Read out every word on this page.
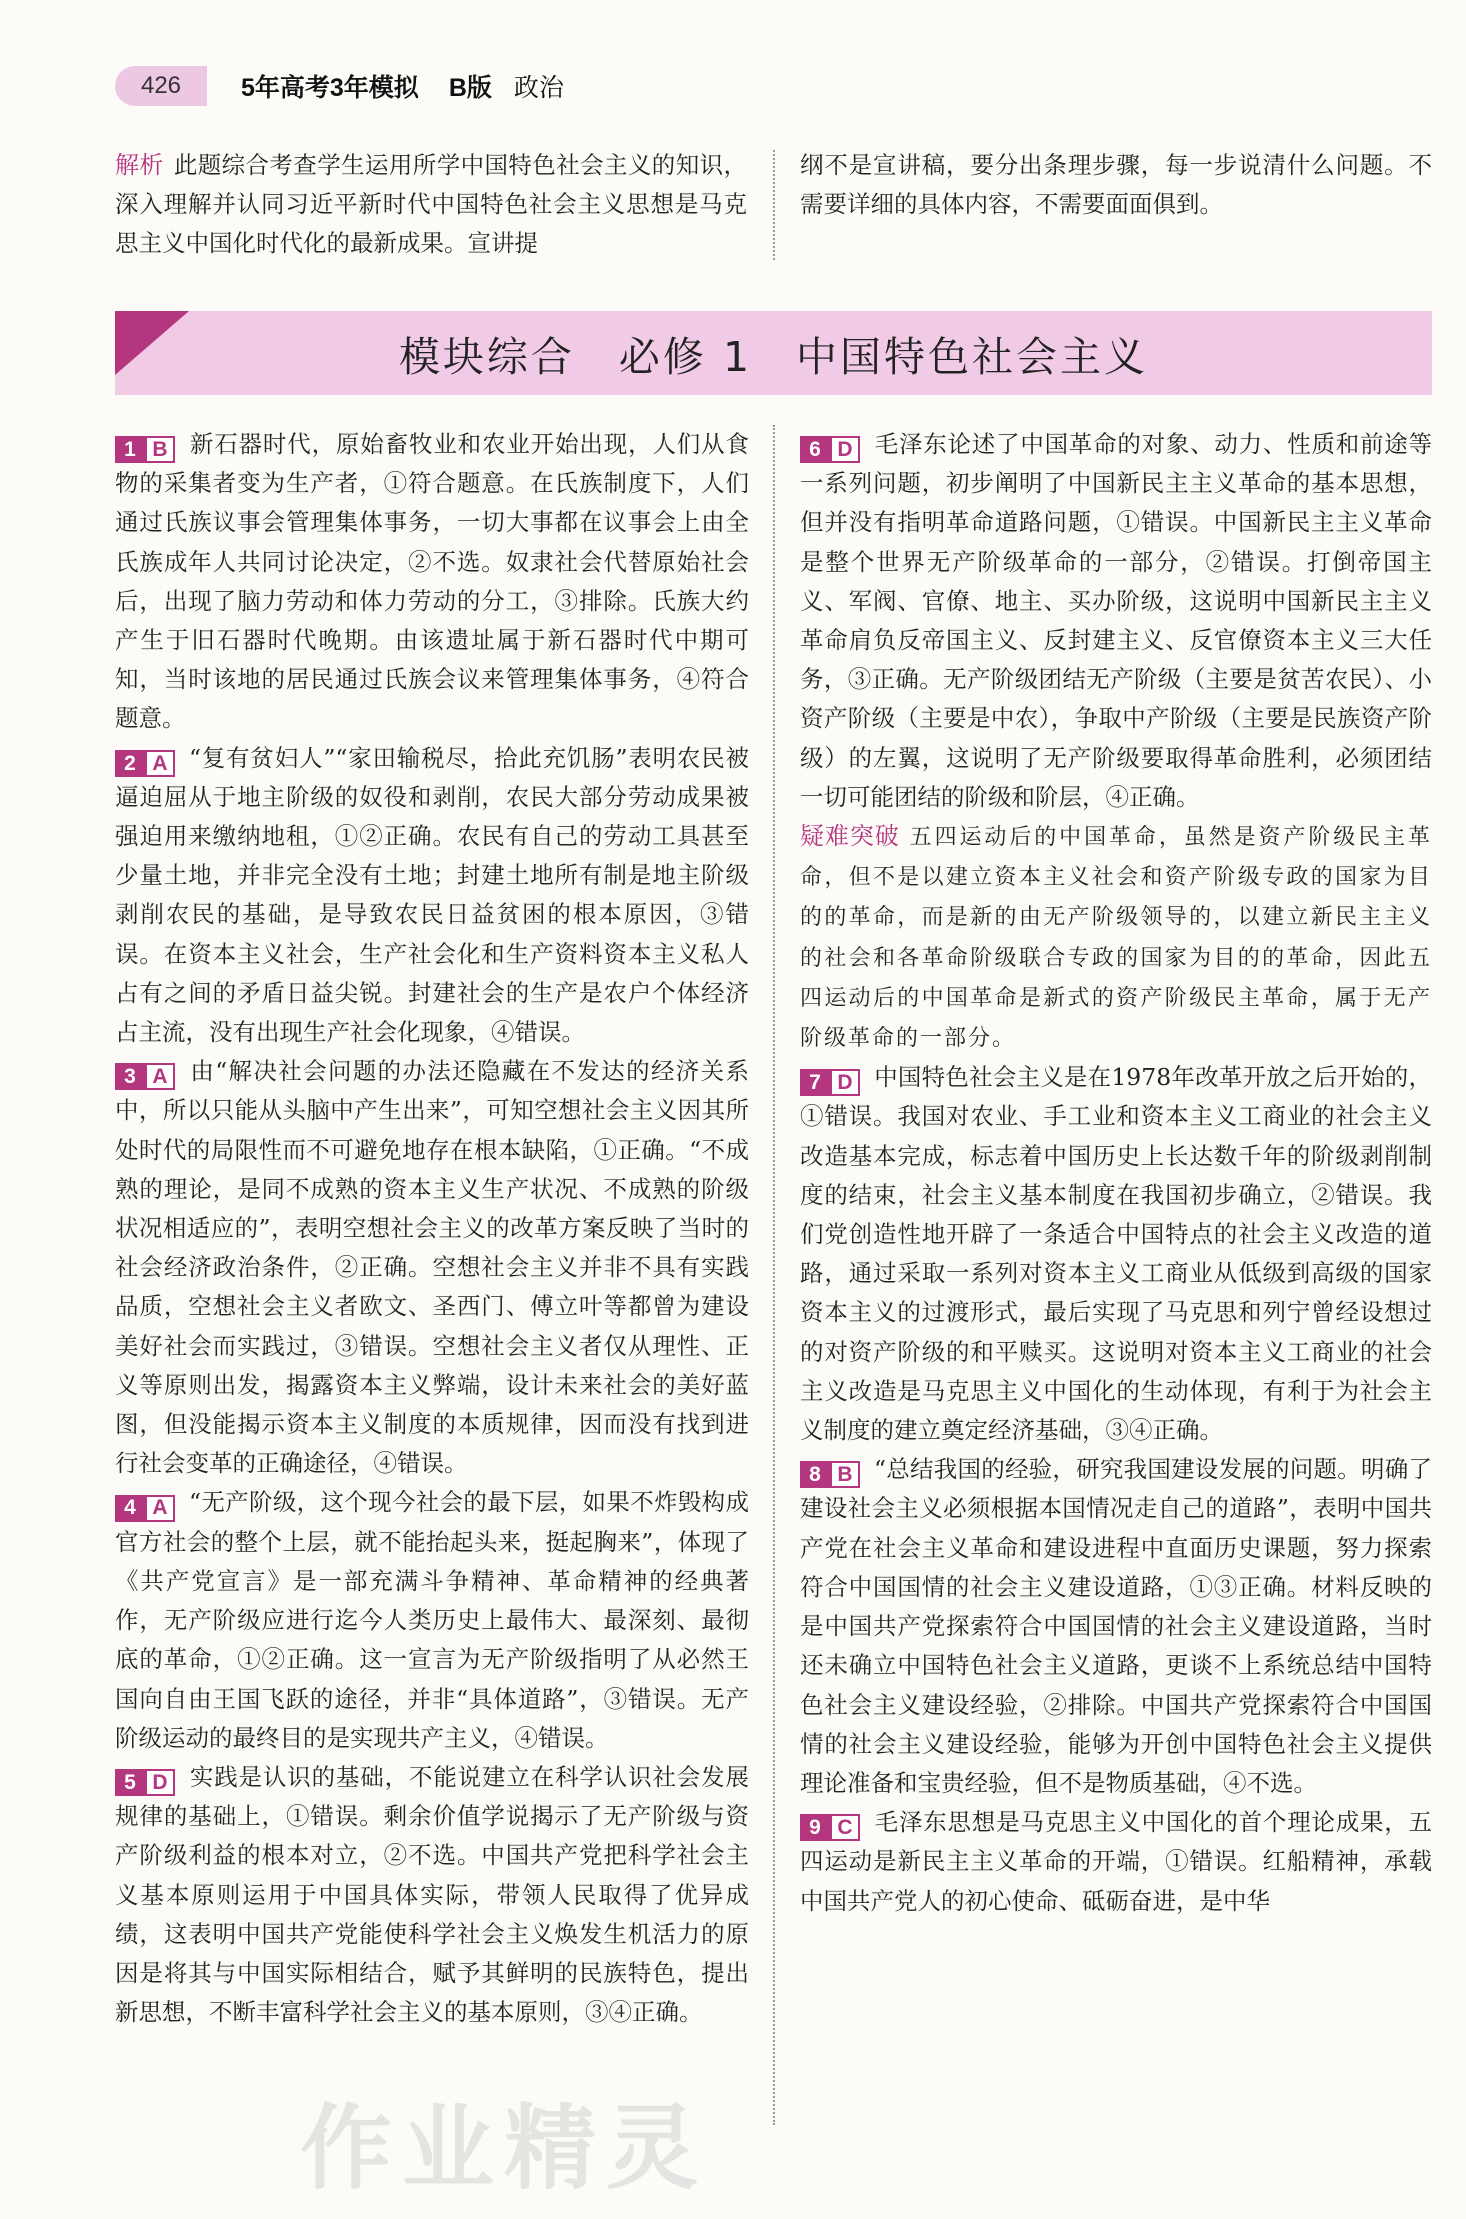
426	5年高考3年模拟 B版 政治
解析 此题综合考查学生运用所学中国特色社会主义的知识，深入理解并认同习近平新时代中国特色社会主义思想是马克思主义中国化时代化的最新成果。宣讲提
纲不是宣讲稿，要分出条理步骤，每一步说清什么问题。不需要详细的具体内容，不需要面面俱到。
模块综合　必修 1　中国特色社会主义

1 B 新石器时代，原始畜牧业和农业开始出现，人们从食物的采集者变为生产者，①符合题意。在氏族制度下，人们通过氏族议事会管理集体事务，一切大事都在议事会上由全氏族成年人共同讨论决定，②不选。奴隶社会代替原始社会后，出现了脑力劳动和体力劳动的分工，③排除。氏族大约产生于旧石器时代晚期。由该遗址属于新石器时代中期可知，当时该地的居民通过氏族会议来管理集体事务，④符合题意。

2 A “复有贫妇人”“家田输税尽，拾此充饥肠”表明农民被逼迫屈从于地主阶级的奴役和剥削，农民大部分劳动成果被强迫用来缴纳地租，①②正确。农民有自己的劳动工具甚至少量土地，并非完全没有土地；封建土地所有制是地主阶级剥削农民的基础，是导致农民日益贫困的根本原因，③错误。在资本主义社会，生产社会化和生产资料资本主义私人占有之间的矛盾日益尖锐。封建社会的生产是农户个体经济占主流，没有出现生产社会化现象，④错误。

3 A 由“解决社会问题的办法还隐藏在不发达的经济关系中，所以只能从头脑中产生出来”，可知空想社会主义因其所处时代的局限性而不可避免地存在根本缺陷，①正确。“不成熟的理论，是同不成熟的资本主义生产状况、不成熟的阶级状况相适应的”，表明空想社会主义的改革方案反映了当时的社会经济政治条件，②正确。空想社会主义并非不具有实践品质，空想社会主义者欧文、圣西门、傅立叶等都曾为建设美好社会而实践过，③错误。空想社会主义者仅从理性、正义等原则出发，揭露资本主义弊端，设计未来社会的美好蓝图，但没能揭示资本主义制度的本质规律，因而没有找到进行社会变革的正确途径，④错误。

4 A “无产阶级，这个现今社会的最下层，如果不炸毁构成官方社会的整个上层，就不能抬起头来，挺起胸来”，体现了《共产党宣言》是一部充满斗争精神、革命精神的经典著作，无产阶级应进行迄今人类历史上最伟大、最深刻、最彻底的革命，①②正确。这一宣言为无产阶级指明了从必然王国向自由王国飞跃的途径，并非“具体道路”，③错误。无产阶级运动的最终目的是实现共产主义，④错误。

5 D 实践是认识的基础，不能说建立在科学认识社会发展规律的基础上，①错误。剩余价值学说揭示了无产阶级与资产阶级利益的根本对立，②不选。中国共产党把科学社会主义基本原则运用于中国具体实际，带领人民取得了优异成绩，这表明中国共产党能使科学社会主义焕发生机活力的原因是将其与中国实际相结合，赋予其鲜明的民族特色，提出新思想，不断丰富科学社会主义的基本原则，③④正确。

6 D 毛泽东论述了中国革命的对象、动力、性质和前途等一系列问题，初步阐明了中国新民主主义革命的基本思想，但并没有指明革命道路问题，①错误。中国新民主主义革命是整个世界无产阶级革命的一部分，②错误。打倒帝国主义、军阀、官僚、地主、买办阶级，这说明中国新民主主义革命肩负反帝国主义、反封建主义、反官僚资本主义三大任务，③正确。无产阶级团结无产阶级（主要是贫苦农民）、小资产阶级（主要是中农），争取中产阶级（主要是民族资产阶级）的左翼，这说明了无产阶级要取得革命胜利，必须团结一切可能团结的阶级和阶层，④正确。

疑难突破 五四运动后的中国革命，虽然是资产阶级民主革命，但不是以建立资本主义社会和资产阶级专政的国家为目的的革命，而是新的由无产阶级领导的，以建立新民主主义的社会和各革命阶级联合专政的国家为目的的革命，因此五四运动后的中国革命是新式的资产阶级民主革命，属于无产阶级革命的一部分。

7 D 中国特色社会主义是在1978年改革开放之后开始的，①错误。我国对农业、手工业和资本主义工商业的社会主义改造基本完成，标志着中国历史上长达数千年的阶级剥削制度的结束，社会主义基本制度在我国初步确立，②错误。我们党创造性地开辟了一条适合中国特点的社会主义改造的道路，通过采取一系列对资本主义工商业从低级到高级的国家资本主义的过渡形式，最后实现了马克思和列宁曾经设想过的对资产阶级的和平赎买。这说明对资本主义工商业的社会主义改造是马克思主义中国化的生动体现，有利于为社会主义制度的建立奠定经济基础，③④正确。

8 B “总结我国的经验，研究我国建设发展的问题。明确了建设社会主义必须根据本国情况走自己的道路”，表明中国共产党在社会主义革命和建设进程中直面历史课题，努力探索符合中国国情的社会主义建设道路，①③正确。材料反映的是中国共产党探索符合中国国情的社会主义建设道路，当时还未确立中国特色社会主义道路，更谈不上系统总结中国特色社会主义建设经验，②排除。中国共产党探索符合中国国情的社会主义建设经验，能够为开创中国特色社会主义提供理论准备和宝贵经验，但不是物质基础，④不选。

9 C 毛泽东思想是马克思主义中国化的首个理论成果，五四运动是新民主主义革命的开端，①错误。红船精神，承载中国共产党人的初心使命、砥砺奋进，是中华

作业精灵
